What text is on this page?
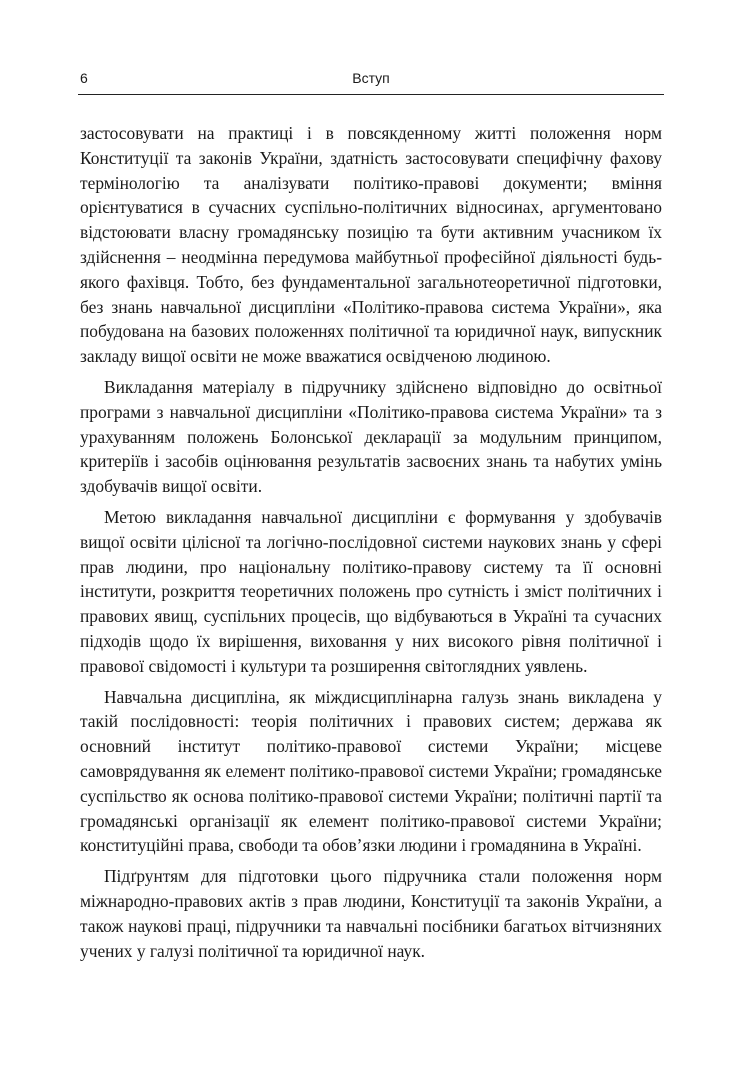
6	Вступ

застосовувати на практиці і в повсякденному житті положення норм Конституції та законів України, здатність застосовувати специфічну фахову термінологію та аналізувати політико-правові документи; вміння орієнтуватися в сучасних суспільно-політичних відносинах, аргументовано відстоювати власну громадянську позицію та бути активним учасником їх здійснення – неодмінна передумова майбутньої професійної діяльності будь-якого фахівця. Тобто, без фундаментальної загальнотеоретичної підготовки, без знань навчальної дисципліни «Політико-правова система України», яка побудована на базових положеннях політичної та юридичної наук, випускник закладу вищої освіти не може вважатися освідченою людиною.

Викладання матеріалу в підручнику здійснено відповідно до освітньої програми з навчальної дисципліни «Політико-правова система України» та з урахуванням положень Болонської декларації за модульним принципом, критеріїв і засобів оцінювання результатів засвоєних знань та набутих умінь здобувачів вищої освіти.

Метою викладання навчальної дисципліни є формування у здобувачів вищої освіти цілісної та логічно-послідовної системи наукових знань у сфері прав людини, про національну політико-правову систему та її основні інститути, розкриття теоретичних положень про сутність і зміст політичних і правових явищ, суспільних процесів, що відбуваються в Україні та сучасних підходів щодо їх вирішення, виховання у них високого рівня політичної і правової свідомості і культури та розширення світоглядних уявлень.

Навчальна дисципліна, як міждисциплінарна галузь знань викладена у такій послідовності: теорія політичних і правових систем; держава як основний інститут політико-правової системи України; місцеве самоврядування як елемент політико-правової системи України; громадянське суспільство як основа політико-правової системи України; політичні партії та громадянські організації як елемент політико-правової системи України; конституційні права, свободи та обов’язки людини і громадянина в Україні.

Підґрунтям для підготовки цього підручника стали положення норм міжнародно-правових актів з прав людини, Конституції та законів України, а також наукові праці, підручники та навчальні посібники багатьох вітчизняних учених у галузі політичної та юридичної наук.
